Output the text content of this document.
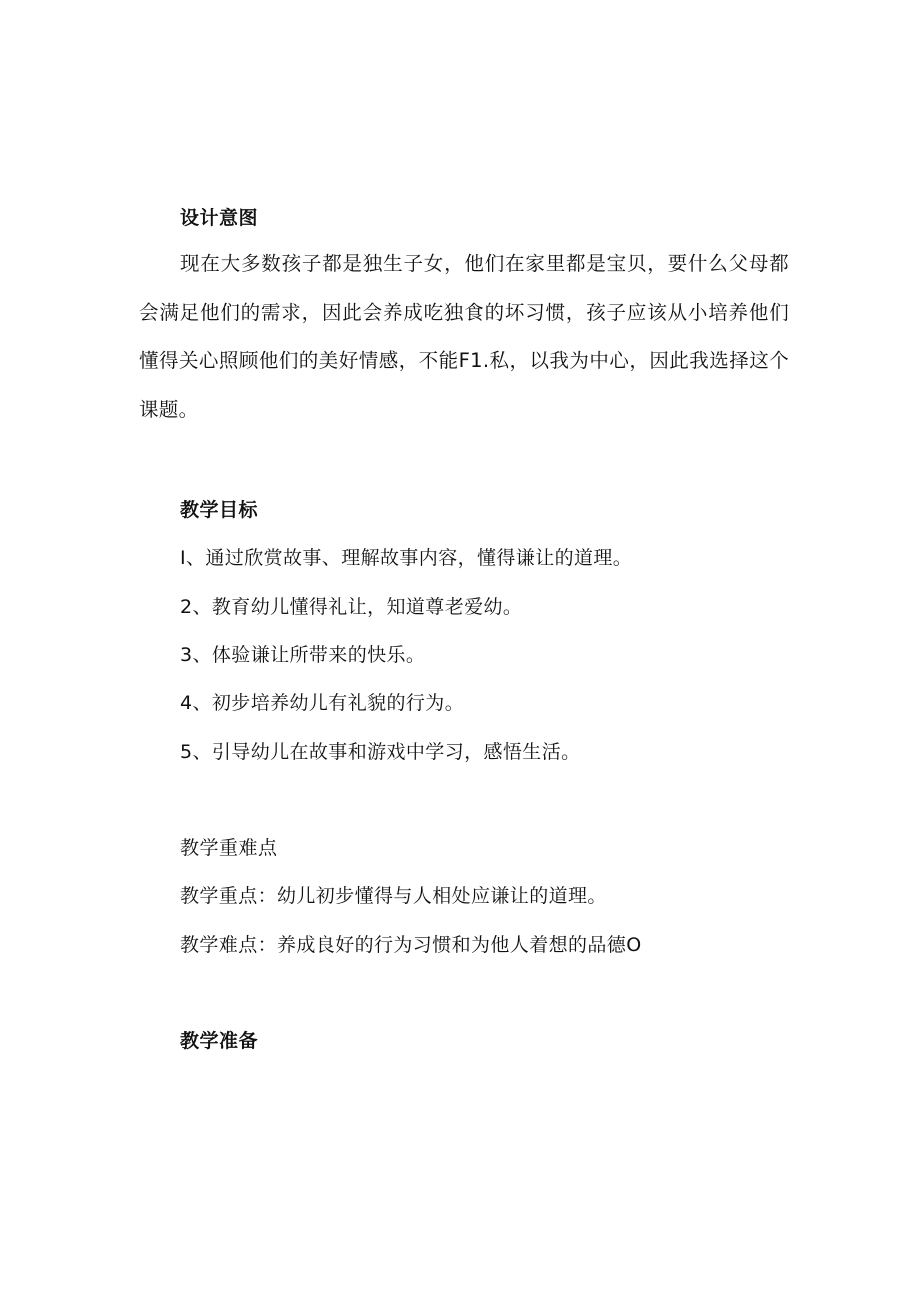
设计意图

现在大多数孩子都是独生子女，他们在家里都是宝贝，要什么父母都会满足他们的需求，因此会养成吃独食的坏习惯，孩子应该从小培养他们懂得关心照顾他们的美好情感，不能F1.私，以我为中心，因此我选择这个课题。

教学目标
I、通过欣赏故事、理解故事内容，懂得谦让的道理。
2、教育幼儿懂得礼让，知道尊老爱幼。
3、体验谦让所带来的快乐。
4、初步培养幼儿有礼貌的行为。
5、引导幼儿在故事和游戏中学习，感悟生活。
教学重难点
教学重点：幼儿初步懂得与人相处应谦让的道理。
教学难点：养成良好的行为习惯和为他人着想的品德O
教学准备
